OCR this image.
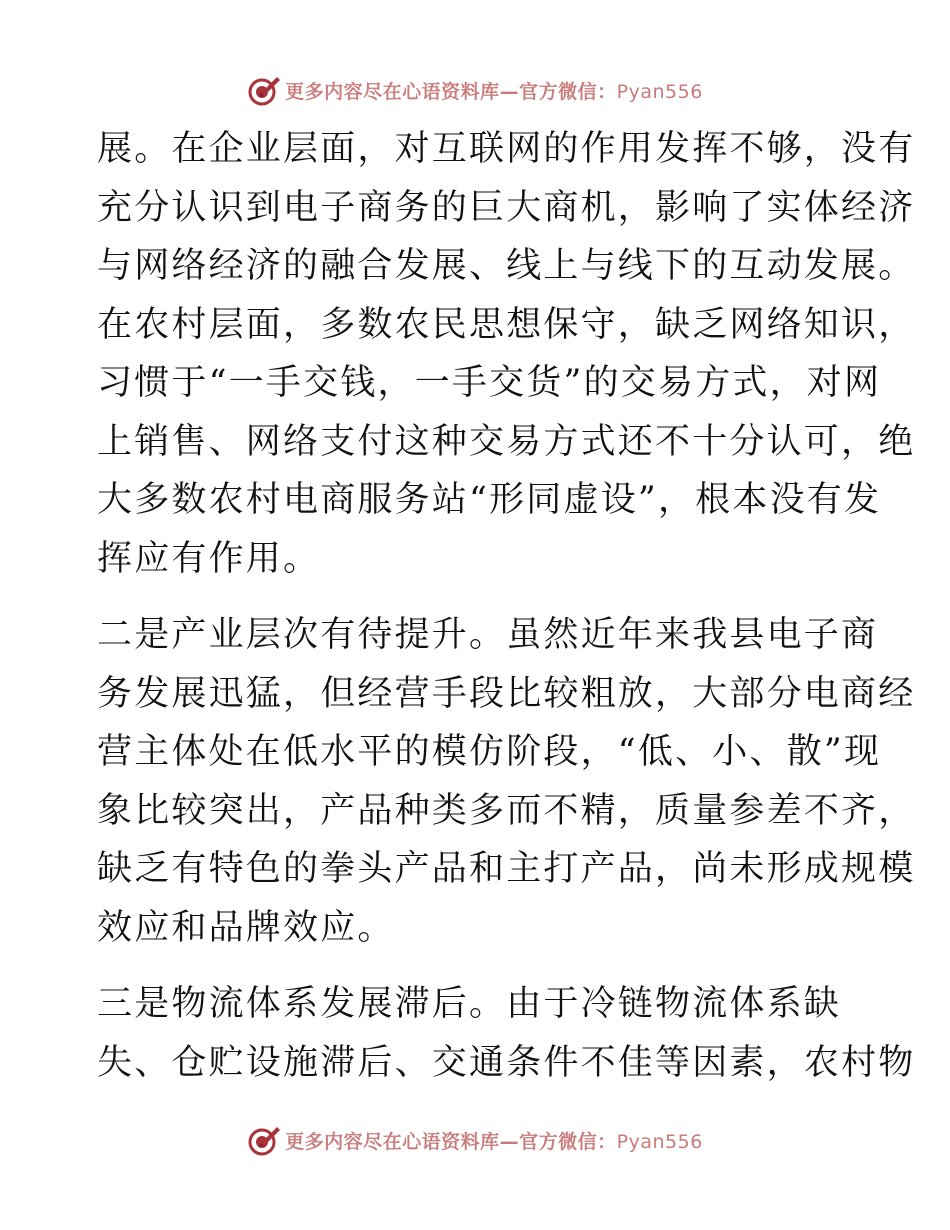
更多内容尽在心语资料库—官方微信：Pyan556
展。在企业层面，对互联网的作用发挥不够，没有
充分认识到电子商务的巨大商机，影响了实体经济
与网络经济的融合发展、线上与线下的互动发展。
在农村层面，多数农民思想保守，缺乏网络知识，
习惯于“一手交钱，一手交货”的交易方式，对网
上销售、网络支付这种交易方式还不十分认可，绝
大多数农村电商服务站“形同虚设”，根本没有发
挥应有作用。
二是产业层次有待提升。虽然近年来我县电子商
务发展迅猛，但经营手段比较粗放，大部分电商经
营主体处在低水平的模仿阶段，“低、小、散”现
象比较突出，产品种类多而不精，质量参差不齐，
缺乏有特色的拳头产品和主打产品，尚未形成规模
效应和品牌效应。
三是物流体系发展滞后。由于冷链物流体系缺
失、仓贮设施滞后、交通条件不佳等因素，农村物
更多内容尽在心语资料库—官方微信：Pyan556
